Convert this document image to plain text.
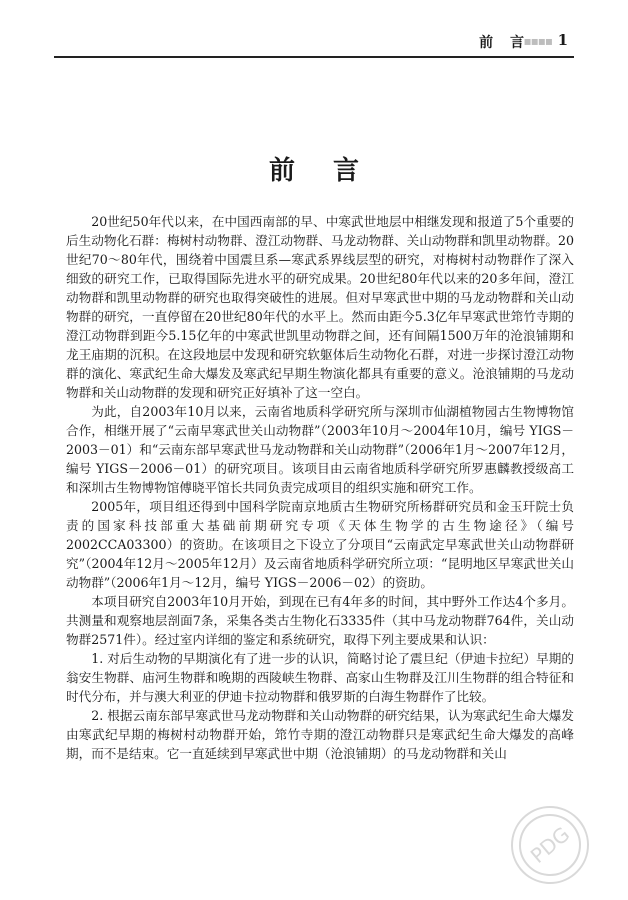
前 言
▪▪▪▪ 1
前言

20世纪50年代以来，在中国西南部的早、中寒武世地层中相继发现和报道了5个重要的后生动物化石群：梅树村动物群、澄江动物群、马龙动物群、关山动物群和凯里动物群。20世纪70～80年代，围绕着中国震旦系—寒武系界线层型的研究，对梅树村动物群作了深入细致的研究工作，已取得国际先进水平的研究成果。20世纪80年代以来的20多年间，澄江动物群和凯里动物群的研究也取得突破性的进展。但对早寒武世中期的马龙动物群和关山动物群的研究，一直停留在20世纪80年代的水平上。然而由距今5.3亿年早寒武世筇竹寺期的澄江动物群到距今5.15亿年的中寒武世凯里动物群之间，还有间隔1500万年的沧浪铺期和龙王庙期的沉积。在这段地层中发现和研究软躯体后生动物化石群，对进一步探讨澄江动物群的演化、寒武纪生命大爆发及寒武纪早期生物演化都具有重要的意义。沧浪铺期的马龙动物群和关山动物群的发现和研究正好填补了这一空白。

为此，自2003年10月以来，云南省地质科学研究所与深圳市仙湖植物园古生物博物馆合作，相继开展了“云南早寒武世关山动物群”（2003年10月～2004年10月，编号 YIGS－2003－01）和“云南东部早寒武世马龙动物群和关山动物群”（2006年1月～2007年12月，编号 YIGS－2006－01）的研究项目。该项目由云南省地质科学研究所罗惠麟教授级高工和深圳古生物博物馆傅晓平馆长共同负责完成项目的组织实施和研究工作。

2005年，项目组还得到中国科学院南京地质古生物研究所杨群研究员和金玉玕院士负责的国家科技部重大基础前期研究专项《天体生物学的古生物途径》（编号2002CCA03300）的资助。在该项目之下设立了分项目“云南武定早寒武世关山动物群研究”（2004年12月～2005年12月）及云南省地质科学研究所立项：“昆明地区早寒武世关山动物群”（2006年1月～12月，编号 YIGS－2006－02）的资助。

本项目研究自2003年10月开始，到现在已有4年多的时间，其中野外工作达4个多月。共测量和观察地层剖面7条，采集各类古生物化石3335件（其中马龙动物群764件，关山动物群2571件）。经过室内详细的鉴定和系统研究，取得下列主要成果和认识：

1. 对后生动物的早期演化有了进一步的认识，简略讨论了震旦纪（伊迪卡拉纪）早期的翁安生物群、庙河生物群和晚期的西陵峡生物群、高家山生物群及江川生物群的组合特征和时代分布，并与澳大利亚的伊迪卡拉动物群和俄罗斯的白海生物群作了比较。

2. 根据云南东部早寒武世马龙动物群和关山动物群的研究结果，认为寒武纪生命大爆发由寒武纪早期的梅树村动物群开始，筇竹寺期的澄江动物群只是寒武纪生命大爆发的高峰期，而不是结束。它一直延续到早寒武世中期（沧浪铺期）的马龙动物群和关山

PDG
